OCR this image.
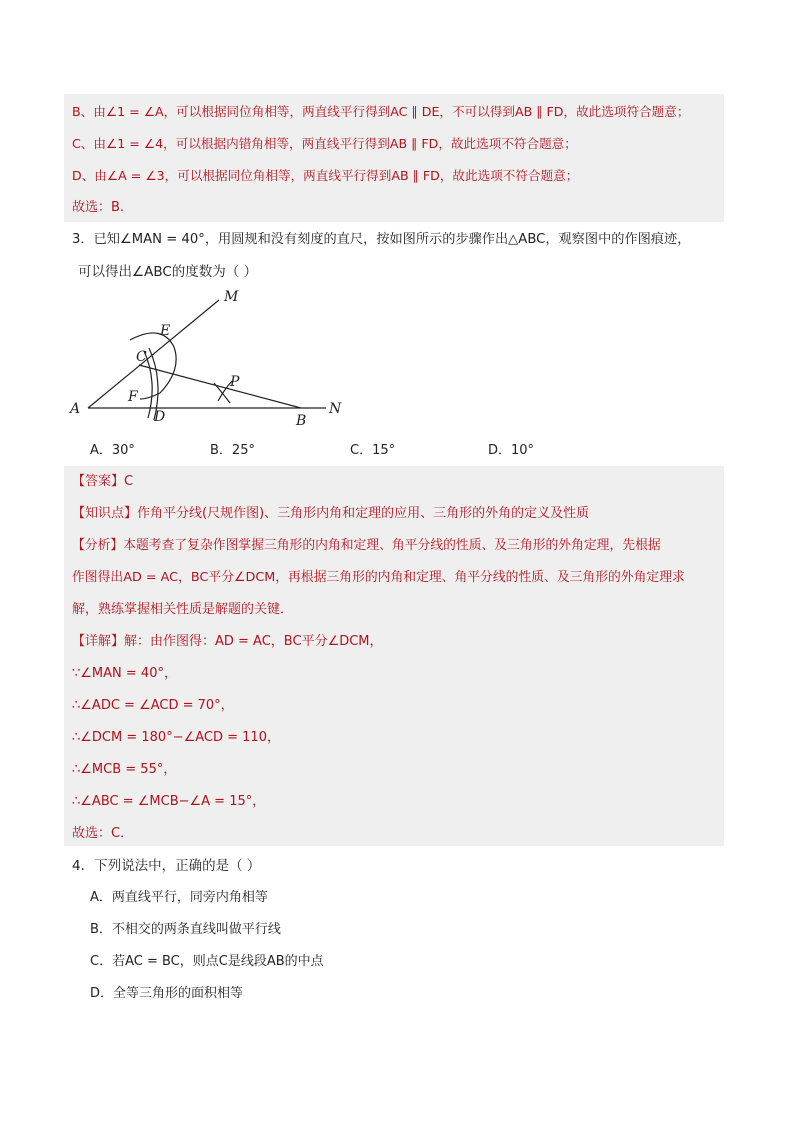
B、由∠1 = ∠A，可以根据同位角相等，两直线平行得到AC ∥ DE，不可以得到AB ∥ FD，故此选项符合题意；
C、由∠1 = ∠4，可以根据内错角相等，两直线平行得到AB ∥ FD，故此选项不符合题意；
D、由∠A = ∠3，可以根据同位角相等，两直线平行得到AB ∥ FD，故此选项不符合题意；
故选：B.
3．已知∠MAN = 40°，用圆规和没有刻度的直尺，按如图所示的步骤作出△ABC，观察图中的作图痕迹，
可以得出∠ABC的度数为（ ）
A
B
C
D
E
F
M
N
P
A．30°	B．25°	C．15°	D．10°
【答案】C
【知识点】作角平分线(尺规作图)、三角形内角和定理的应用、三角形的外角的定义及性质
【分析】本题考查了复杂作图掌握三角形的内角和定理、角平分线的性质、及三角形的外角定理，先根据
作图得出AD = AC，BC平分∠DCM，再根据三角形的内角和定理、角平分线的性质、及三角形的外角定理求
解，熟练掌握相关性质是解题的关键．
【详解】解：由作图得：AD = AC，BC平分∠DCM，
∵∠MAN = 40°，
∴∠ADC = ∠ACD = 70°，
∴∠DCM = 180°−∠ACD = 110，
∴∠MCB = 55°，
∴∠ABC = ∠MCB−∠A = 15°，
故选：C．
4．下列说法中，正确的是（ ）
A．两直线平行，同旁内角相等
B．不相交的两条直线叫做平行线
C．若AC = BC，则点C是线段AB的中点
D．全等三角形的面积相等
